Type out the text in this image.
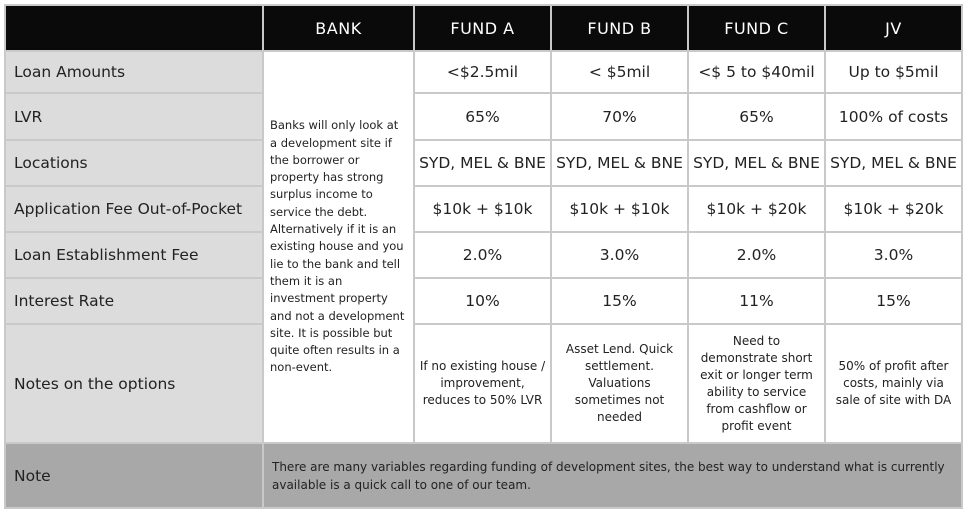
	BANK	FUND A	FUND B	FUND C	JV
Loan Amounts	Banks will only look at a development site if the borrower or property has strong surplus income to service the debt. Alternatively if it is an existing house and you lie to the bank and tell them it is an investment property and not a development site. It is possible but quite often results in a non-event.	<$2.5mil	< $5mil	<$ 5 to $40mil	Up to $5mil
LVR		65%	70%	65%	100% of costs
Locations		SYD, MEL & BNE	SYD, MEL & BNE	SYD, MEL & BNE	SYD, MEL & BNE
Application Fee Out-of-Pocket		$10k + $10k	$10k + $10k	$10k + $20k	$10k + $20k
Loan Establishment Fee		2.0%	3.0%	2.0%	3.0%
Interest Rate		10%	15%	11%	15%
Notes on the options		If no existing house / improvement, reduces to 50% LVR	Asset Lend. Quick settlement. Valuations sometimes not needed	Need to demonstrate short exit or longer term ability to service from cashflow or profit event	50% of profit after costs, mainly via sale of site with DA
Note	There are many variables regarding funding of development sites, the best way to understand what is currently available is a quick call to one of our team.				
